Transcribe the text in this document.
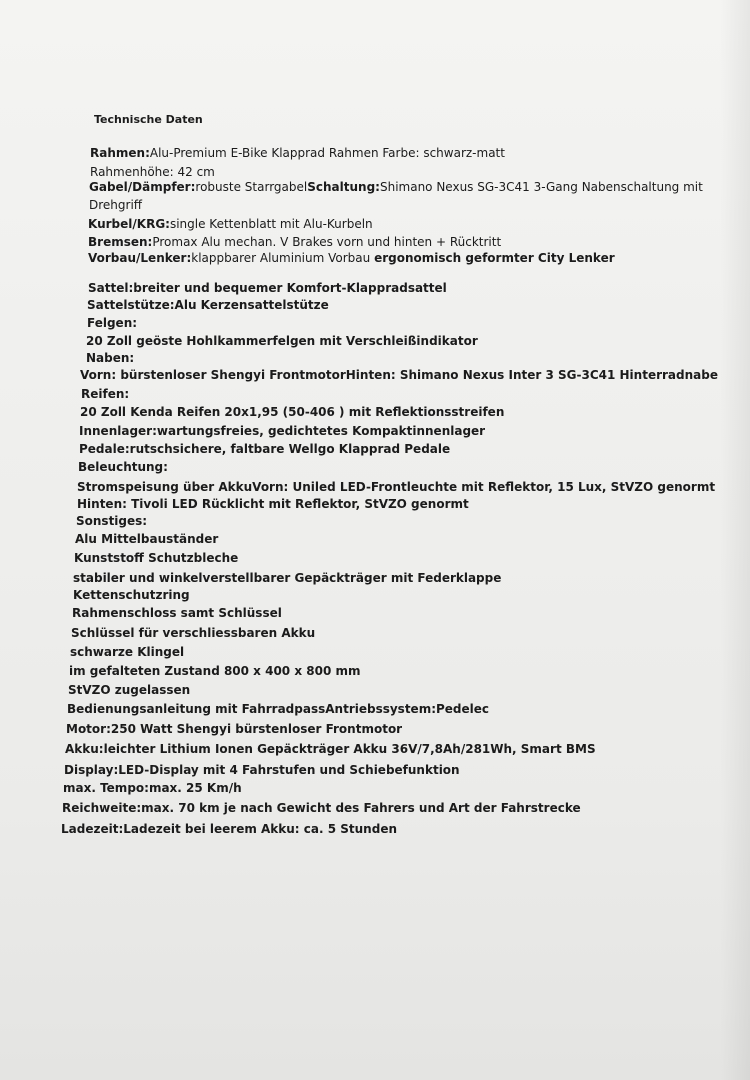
Technische Daten
Rahmen:Alu-Premium E-Bike Klapprad Rahmen Farbe: schwarz-matt
Rahmenhöhe: 42 cm
Gabel/Dämpfer:robuste StarrgabelSchaltung:Shimano Nexus SG-3C41 3-Gang Nabenschaltung mit
Drehgriff
Kurbel/KRG:single Kettenblatt mit Alu-Kurbeln
Bremsen:Promax Alu mechan. V Brakes vorn und hinten + Rücktritt
Vorbau/Lenker:klappbarer Aluminium Vorbau ergonomisch geformter City Lenker
Sattel:breiter und bequemer Komfort-Klappradsattel
Sattelstütze:Alu Kerzensattelstütze
Felgen:
20 Zoll geöste Hohlkammerfelgen mit Verschleißindikator
Naben:
Vorn: bürstenloser Shengyi FrontmotorHinten: Shimano Nexus Inter 3 SG-3C41 Hinterradnabe
Reifen:
20 Zoll Kenda Reifen 20x1,95 (50-406 ) mit Reflektionsstreifen
Innenlager:wartungsfreies, gedichtetes Kompaktinnenlager
Pedale:rutschsichere, faltbare Wellgo Klapprad Pedale
Beleuchtung:
Stromspeisung über AkkuVorn: Uniled LED-Frontleuchte mit Reflektor, 15 Lux, StVZO genormt
Hinten: Tivoli LED Rücklicht mit Reflektor, StVZO genormt
Sonstiges:
Alu Mittelbauständer
Kunststoff Schutzbleche
stabiler und winkelverstellbarer Gepäckträger mit Federklappe
Kettenschutzring
Rahmenschloss samt Schlüssel
Schlüssel für verschliessbaren Akku
schwarze Klingel
im gefalteten Zustand 800 x 400 x 800 mm
StVZO zugelassen
Bedienungsanleitung mit FahrradpassAntriebssystem:Pedelec
Motor:250 Watt Shengyi bürstenloser Frontmotor
Akku:leichter Lithium Ionen Gepäckträger Akku 36V/7,8Ah/281Wh, Smart BMS
Display:LED-Display mit 4 Fahrstufen und Schiebefunktion
max. Tempo:max. 25 Km/h
Reichweite:max. 70 km je nach Gewicht des Fahrers und Art der Fahrstrecke
Ladezeit:Ladezeit bei leerem Akku: ca. 5 Stunden
